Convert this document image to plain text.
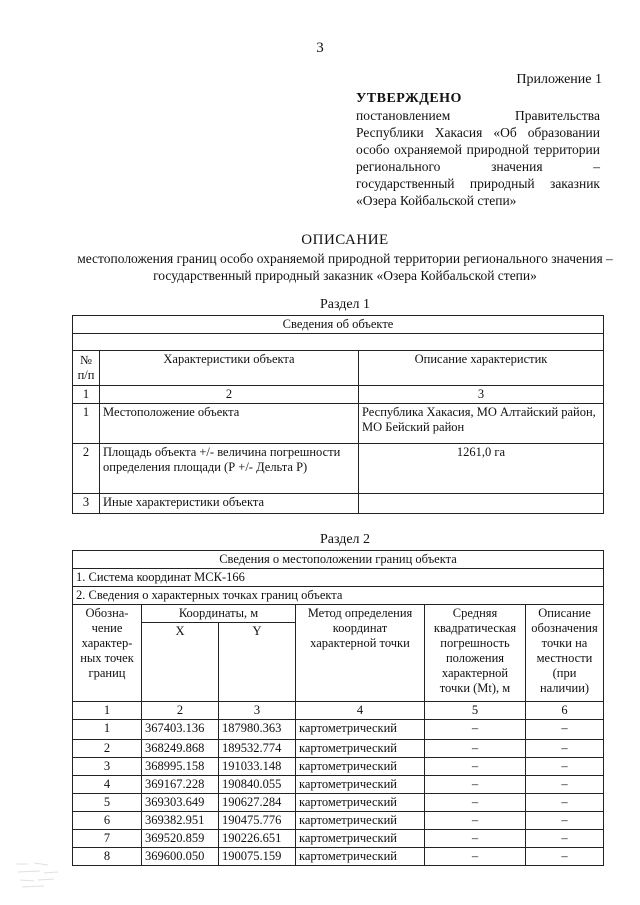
3
Приложение 1
УТВЕРЖДЕНО
постановлением Правительства Республики Хакасия «Об образовании особо охраняемой природной территории регионального значения – государственный природный заказник «Озера Койбальской степи»
ОПИСАНИЕ
местоположения границ особо охраняемой природной территории регионального значения – государственный природный заказник «Озера Койбальской степи»
Раздел 1
Сведения об объекте		

№ п/п	Характеристики объекта	Описание характеристик
1	2	3
1	Местоположение объекта	Республика Хакасия, МО Алтайский район, МО Бейский район
2	Площадь объекта +/- величина погрешности определения площади (Р +/- Дельта Р)	1261,0 га
3	Иные характеристики объекта	
Раздел 2
Сведения о местоположении границ объекта					
1. Система координат МСК-166					
2. Сведения о характерных точках границ объекта					
Обозна-чение характер-ных точек границ	Координаты, м		Метод определения координат характерной точки	Средняя квадратическая погрешность положения характерной точки (Mt), м	Описание обозначения точки на местности (при наличии)
	X	Y			
1	2	3	4	5	6
1	367403.136	187980.363	картометрический	–	–
2	368249.868	189532.774	картометрический	–	–
3	368995.158	191033.148	картометрический	–	–
4	369167.228	190840.055	картометрический	–	–
5	369303.649	190627.284	картометрический	–	–
6	369382.951	190475.776	картометрический	–	–
7	369520.859	190226.651	картометрический	–	–
8	369600.050	190075.159	картометрический	–	–
